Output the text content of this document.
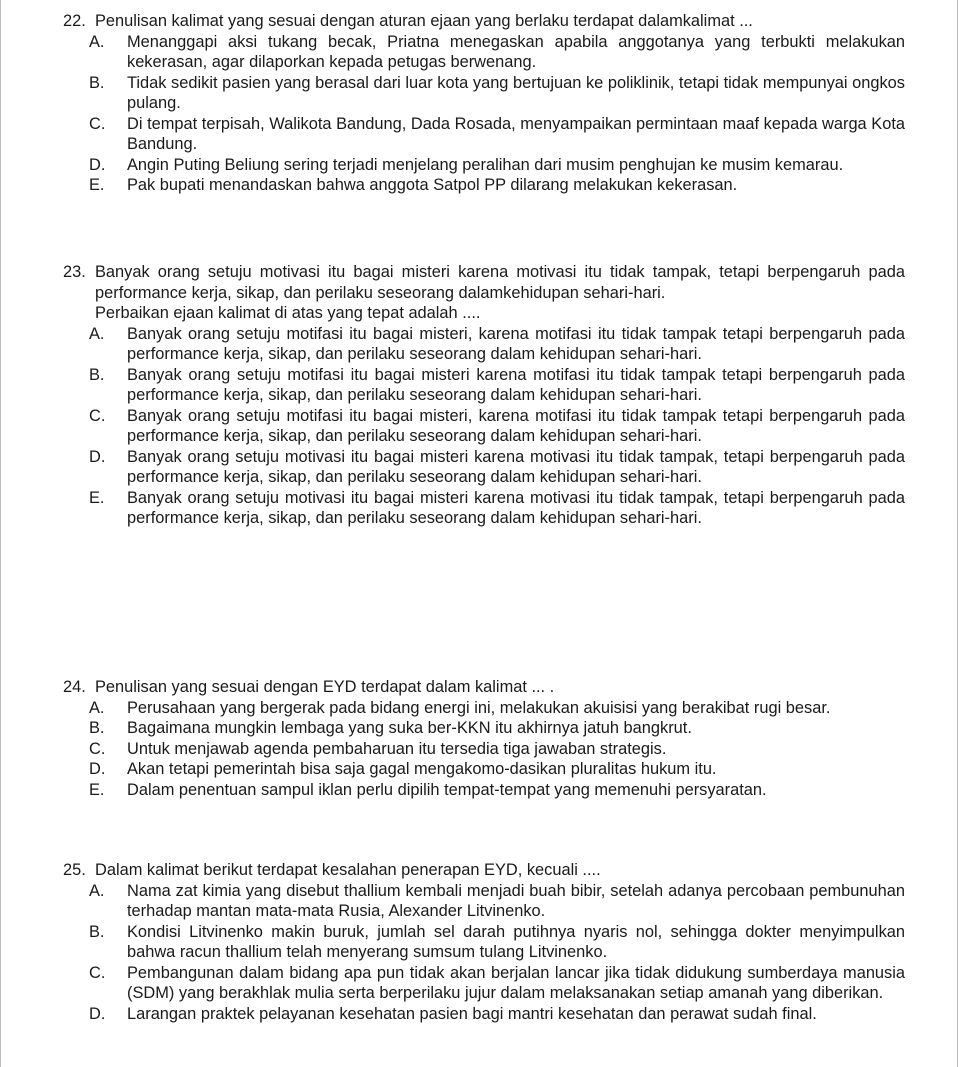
22. Penulisan kalimat yang sesuai dengan aturan ejaan yang berlaku terdapat dalamkalimat ...
A.	Menanggapi aksi tukang becak, Priatna menegaskan apabila anggotanya yang terbukti melakukan kekerasan, agar dilaporkan kepada petugas berwenang.
B.	Tidak sedikit pasien yang berasal dari luar kota yang bertujuan ke poliklinik, tetapi tidak mempunyai ongkos pulang.
C.	Di tempat terpisah, Walikota Bandung, Dada Rosada, menyampaikan permintaan maaf kepada warga Kota Bandung.
D.	Angin Puting Beliung sering terjadi menjelang peralihan dari musim penghujan ke musim kemarau.
E.	Pak bupati menandaskan bahwa anggota Satpol PP dilarang melakukan kekerasan.
23. Banyak orang setuju motivasi itu bagai misteri karena motivasi itu tidak tampak, tetapi berpengaruh pada performance kerja, sikap, dan perilaku seseorang dalamkehidupan sehari-hari.
Perbaikan ejaan kalimat di atas yang tepat adalah ....
A.	Banyak orang setuju motifasi itu bagai misteri, karena motifasi itu tidak tampak tetapi berpengaruh pada performance kerja, sikap, dan perilaku seseorang dalam kehidupan sehari-hari.
B.	Banyak orang setuju motifasi itu bagai misteri karena motifasi itu tidak tampak tetapi berpengaruh pada performance kerja, sikap, dan perilaku seseorang dalam kehidupan sehari-hari.
C.	Banyak orang setuju motifasi itu bagai misteri, karena motifasi itu tidak tampak tetapi berpengaruh pada performance kerja, sikap, dan perilaku seseorang dalam kehidupan sehari-hari.
D.	Banyak orang setuju motivasi itu bagai misteri karena motivasi itu tidak tampak, tetapi berpengaruh pada performance kerja, sikap, dan perilaku seseorang dalam kehidupan sehari-hari.
E.	Banyak orang setuju motivasi itu bagai misteri karena motivasi itu tidak tampak, tetapi berpengaruh pada performance kerja, sikap, dan perilaku seseorang dalam kehidupan sehari-hari.
24. Penulisan yang sesuai dengan EYD terdapat dalam kalimat ... .
A.	Perusahaan yang bergerak pada bidang energi ini, melakukan akuisisi yang berakibat rugi besar.
B.	Bagaimana mungkin lembaga yang suka ber-KKN itu akhirnya jatuh bangkrut.
C.	Untuk menjawab agenda pembaharuan itu tersedia tiga jawaban strategis.
D.	Akan tetapi pemerintah bisa saja gagal mengakomo-dasikan pluralitas hukum itu.
E.	Dalam penentuan sampul iklan perlu dipilih tempat-tempat yang memenuhi persyaratan.
25. Dalam kalimat berikut terdapat kesalahan penerapan EYD, kecuali ....
A.	Nama zat kimia yang disebut thallium kembali menjadi buah bibir, setelah adanya percobaan pembunuhan terhadap mantan mata-mata Rusia, Alexander Litvinenko.
B.	Kondisi Litvinenko makin buruk, jumlah sel darah putihnya nyaris nol, sehingga dokter menyimpulkan bahwa racun thallium telah menyerang sumsum tulang Litvinenko.
C.	Pembangunan dalam bidang apa pun tidak akan berjalan lancar jika tidak didukung sumberdaya manusia (SDM) yang berakhlak mulia serta berperilaku jujur dalam melaksanakan setiap amanah yang diberikan.
D.	Larangan praktek pelayanan kesehatan pasien bagi mantri kesehatan dan perawat sudah final.
